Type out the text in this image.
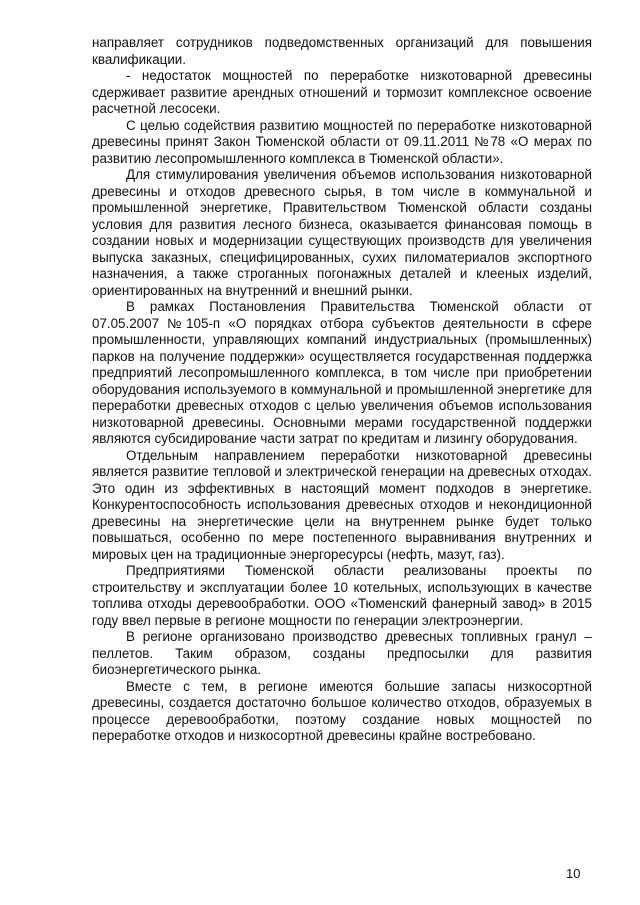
направляет сотрудников подведомственных организаций для повышения квалификации.

- недостаток мощностей по переработке низкотоварной древесины сдерживает развитие арендных отношений и тормозит комплексное освоение расчетной лесосеки.

С целью содействия развитию мощностей по переработке низкотоварной древесины принят Закон Тюменской области от 09.11.2011 №78 «О мерах по развитию лесопромышленного комплекса в Тюменской области».

Для стимулирования увеличения объемов использования низкотоварной древесины и отходов древесного сырья, в том числе в коммунальной и промышленной энергетике, Правительством Тюменской области созданы условия для развития лесного бизнеса, оказывается финансовая помощь в создании новых и модернизации существующих производств для увеличения выпуска заказных, специфицированных, сухих пиломатериалов экспортного назначения, а также строганных погонажных деталей и клееных изделий, ориентированных на внутренний и внешний рынки.

В рамках Постановления Правительства Тюменской области от 07.05.2007 №105-п «О порядках отбора субъектов деятельности в сфере промышленности, управляющих компаний индустриальных (промышленных) парков на получение поддержки» осуществляется государственная поддержка предприятий лесопромышленного комплекса, в том числе при приобретении оборудования используемого в коммунальной и промышленной энергетике для переработки древесных отходов с целью увеличения объемов использования низкотоварной древесины. Основными мерами государственной поддержки являются субсидирование части затрат по кредитам и лизингу оборудования.

Отдельным направлением переработки низкотоварной древесины является развитие тепловой и электрической генерации на древесных отходах. Это один из эффективных в настоящий момент подходов в энергетике. Конкурентоспособность использования древесных отходов и некондиционной древесины на энергетические цели на внутреннем рынке будет только повышаться, особенно по мере постепенного выравнивания внутренних и мировых цен на традиционные энергоресурсы (нефть, мазут, газ).

Предприятиями Тюменской области реализованы проекты по строительству и эксплуатации более 10 котельных, использующих в качестве топлива отходы деревообработки. ООО «Тюменский фанерный завод» в 2015 году ввел первые в регионе мощности по генерации электроэнергии.

В регионе организовано производство древесных топливных гранул – пеллетов. Таким образом, созданы предпосылки для развития биоэнергетического рынка.

Вместе с тем, в регионе имеются большие запасы низкосортной древесины, создается достаточно большое количество отходов, образуемых в процессе деревообработки, поэтому создание новых мощностей по переработке отходов и низкосортной древесины крайне востребовано.

10
